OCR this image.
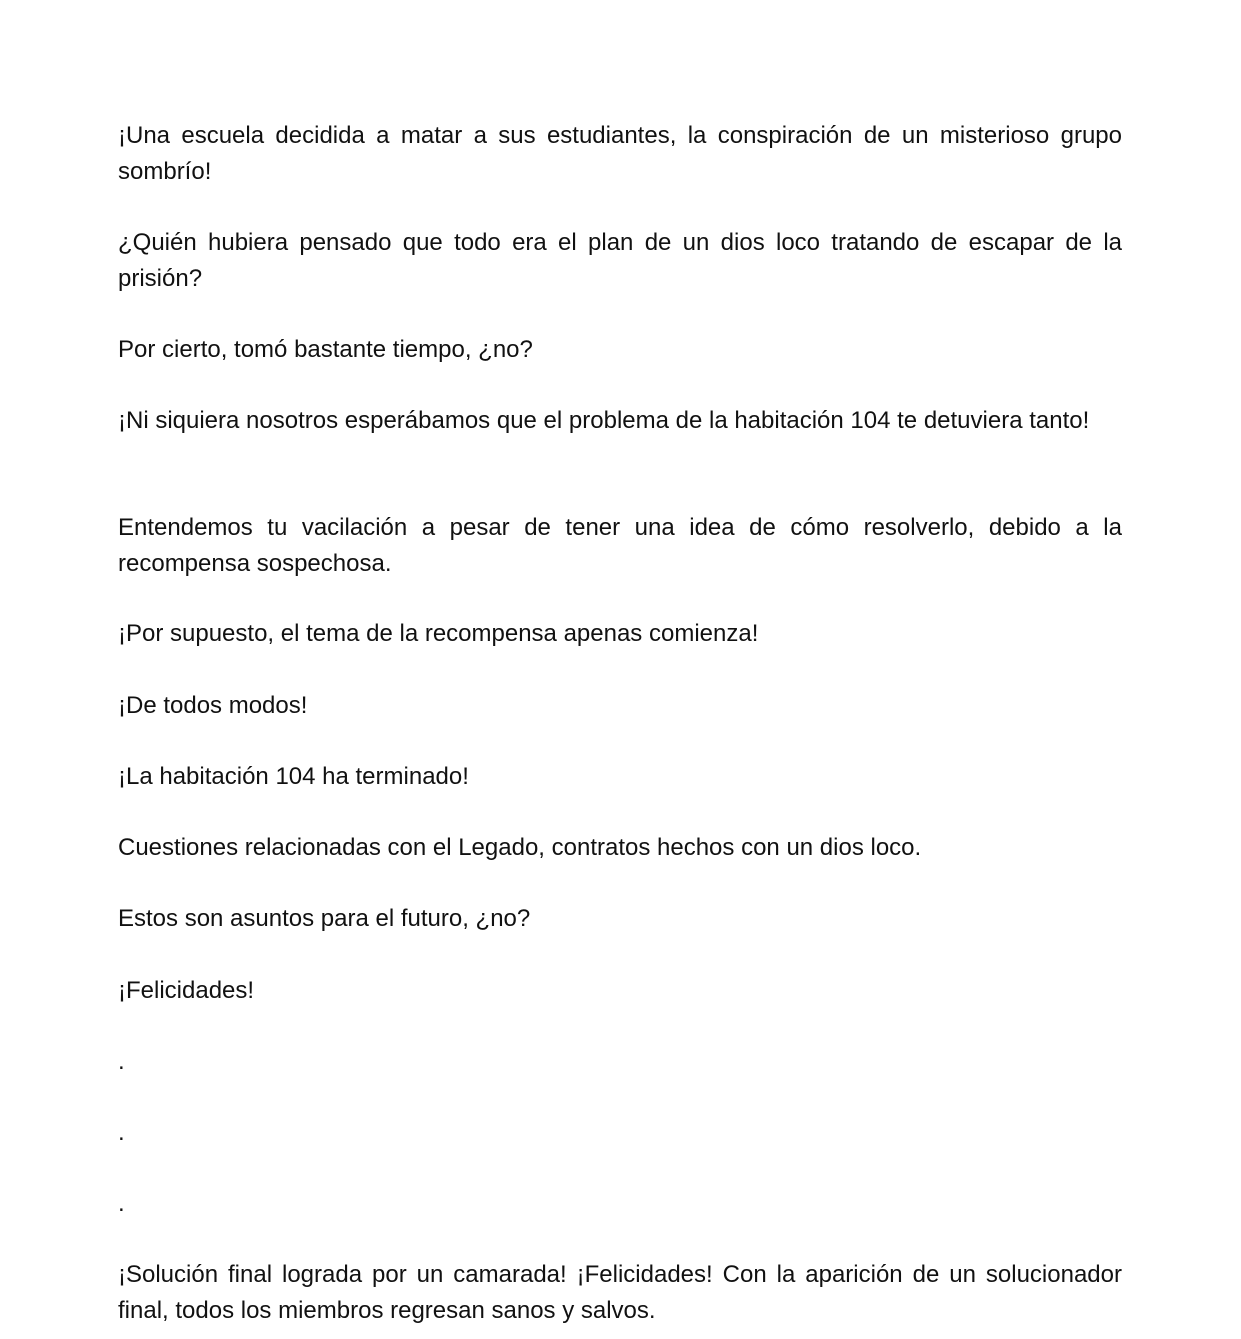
¡Una escuela decidida a matar a sus estudiantes, la conspiración de un misterioso grupo sombrío!

¿Quién hubiera pensado que todo era el plan de un dios loco tratando de escapar de la prisión?

Por cierto, tomó bastante tiempo, ¿no?

¡Ni siquiera nosotros esperábamos que el problema de la habitación 104 te detuviera tanto!

Entendemos tu vacilación a pesar de tener una idea de cómo resolverlo, debido a la recompensa sospechosa.

¡Por supuesto, el tema de la recompensa apenas comienza!

¡De todos modos!

¡La habitación 104 ha terminado!

Cuestiones relacionadas con el Legado, contratos hechos con un dios loco.

Estos son asuntos para el futuro, ¿no?

¡Felicidades!

.

.

.

¡Solución final lograda por un camarada! ¡Felicidades! Con la aparición de un solucionador final, todos los miembros regresan sanos y salvos.
